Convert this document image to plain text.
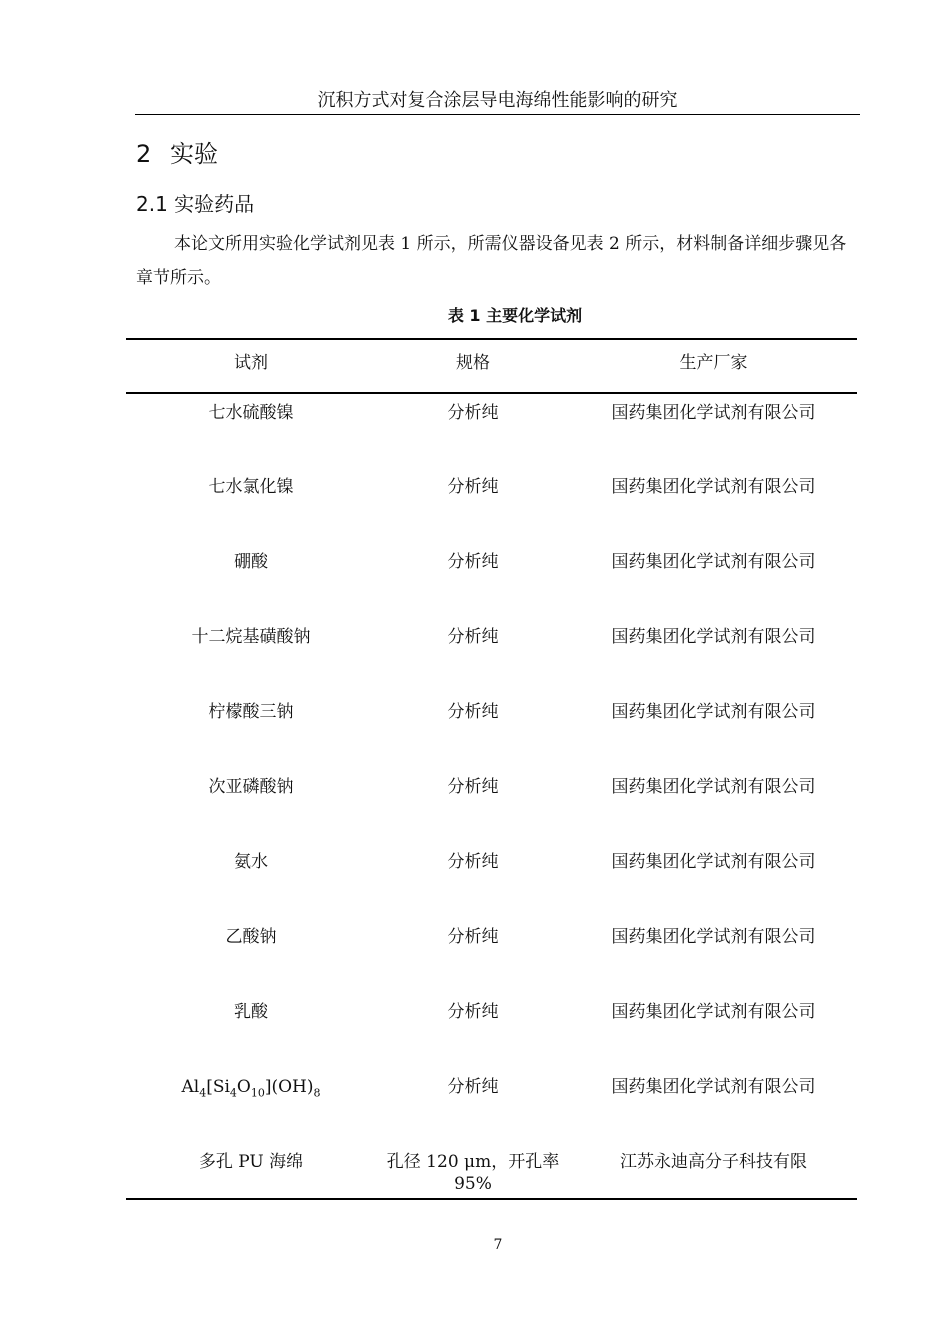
沉积方式对复合涂层导电海绵性能影响的研究
2 实验
2.1 实验药品
本论文所用实验化学试剂见表 1 所示，所需仪器设备见表 2 所示，材料制备详细步骤见各章节所示。
表 1 主要化学试剂
试剂	规格	生产厂家
七水硫酸镍	分析纯	国药集团化学试剂有限公司
七水氯化镍	分析纯	国药集团化学试剂有限公司
硼酸	分析纯	国药集团化学试剂有限公司
十二烷基磺酸钠	分析纯	国药集团化学试剂有限公司
柠檬酸三钠	分析纯	国药集团化学试剂有限公司
次亚磷酸钠	分析纯	国药集团化学试剂有限公司
氨水	分析纯	国药集团化学试剂有限公司
乙酸钠	分析纯	国药集团化学试剂有限公司
乳酸	分析纯	国药集团化学试剂有限公司
$Al_4[Si_4O_{10}](OH)_8$	分析纯	国药集团化学试剂有限公司
多孔 PU 海绵	孔径 120 μm，开孔率 95%	江苏永迪高分子科技有限
7
